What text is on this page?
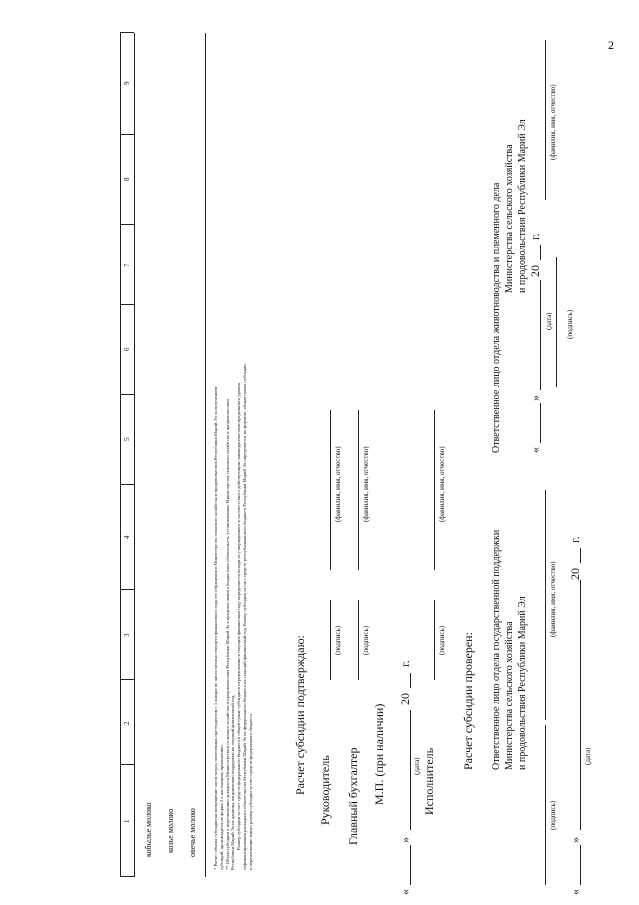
2
1
2
3
4
5
6
7
8
9
кобылье молоко козье молоко овечье молоко	* Расчет объема субсидии на возмещение части затрат, понесенных претендентом с 1 января по число месяца текущего финансового года его обращения в Министерство сельского хозяйства и продовольствия Республики Марий Эл за получением субсидий, производится по форме 2 к настоящему приложению. ** Объем субсидии к перечислению доводится Министерством сельского хозяйства и продовольствия Республики Марий Эл в пределах лимита бюджетных обязательств, установленных Министерству сельского хозяйства и продовольствия Республики Марий Эл по данному направлению поддержки на текущий финансовый год. Размер субсидии за счет средств федерального бюджета в общей сумме субсидии к перечислению в текущем финансовом году определяется исходя из утвержденного в соответствии с действующим законодательством предельного уровня софинансирования расходного обязательства Республики Марий Эл из федерального бюджета на текущий финансовый год. Размер субсидии за счет средств республиканского бюджета Республики Марий Эл определяется по формуле: общая сумма субсидии к перечислению минус размер субсидии за счет средств федерального бюджета.	Расчет субсидии подтверждаю: Руководитель
(подпись)
(фамилия, имя, отчество)
Главный бухгалтер
(подпись)
(фамилия, имя, отчество)
М.П. (при наличии)
«
»
20
г.
(дата) Исполнитель
(подпись)
(фамилия, имя, отчество)
Расчет субсидии проверен: Ответственное лицо отдела государственной поддержки Министерства сельского хозяйства и продовольствия Республики Марий Эл
(подпись)
(фамилия, имя, отчество)
«
»
20
г.
(дата)
Ответственное лицо отдела животноводства и племенного дела Министерства сельского хозяйства и продовольствия Республики Марий Эл
«
»
20
г.
(дата) (подпись)
(фамилия, имя, отчество)
